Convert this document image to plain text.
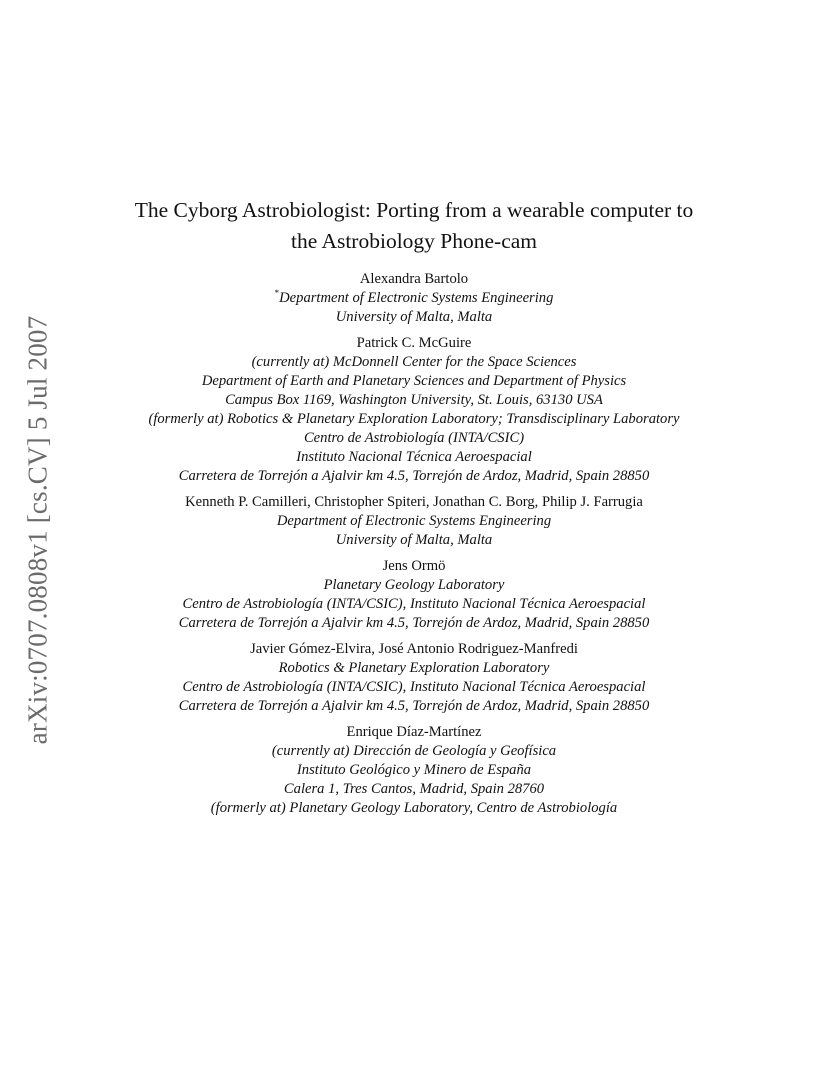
arXiv:0707.0808v1 [cs.CV] 5 Jul 2007
The Cyborg Astrobiologist: Porting from a wearable computer to
the Astrobiology Phone-cam
Alexandra Bartolo
*Department of Electronic Systems Engineering
University of Malta, Malta
Patrick C. McGuire
(currently at) McDonnell Center for the Space Sciences
Department of Earth and Planetary Sciences and Department of Physics
Campus Box 1169, Washington University, St. Louis, 63130 USA
(formerly at) Robotics & Planetary Exploration Laboratory; Transdisciplinary Laboratory
Centro de Astrobiología (INTA/CSIC)
Instituto Nacional Técnica Aeroespacial
Carretera de Torrejón a Ajalvir km 4.5, Torrejón de Ardoz, Madrid, Spain 28850
Kenneth P. Camilleri, Christopher Spiteri, Jonathan C. Borg, Philip J. Farrugia
Department of Electronic Systems Engineering
University of Malta, Malta
Jens Ormö
Planetary Geology Laboratory
Centro de Astrobiología (INTA/CSIC), Instituto Nacional Técnica Aeroespacial
Carretera de Torrejón a Ajalvir km 4.5, Torrejón de Ardoz, Madrid, Spain 28850
Javier Gómez-Elvira, José Antonio Rodriguez-Manfredi
Robotics & Planetary Exploration Laboratory
Centro de Astrobiología (INTA/CSIC), Instituto Nacional Técnica Aeroespacial
Carretera de Torrejón a Ajalvir km 4.5, Torrejón de Ardoz, Madrid, Spain 28850
Enrique Díaz-Martínez
(currently at) Dirección de Geología y Geofísica
Instituto Geológico y Minero de España
Calera 1, Tres Cantos, Madrid, Spain 28760
(formerly at) Planetary Geology Laboratory, Centro de Astrobiología
